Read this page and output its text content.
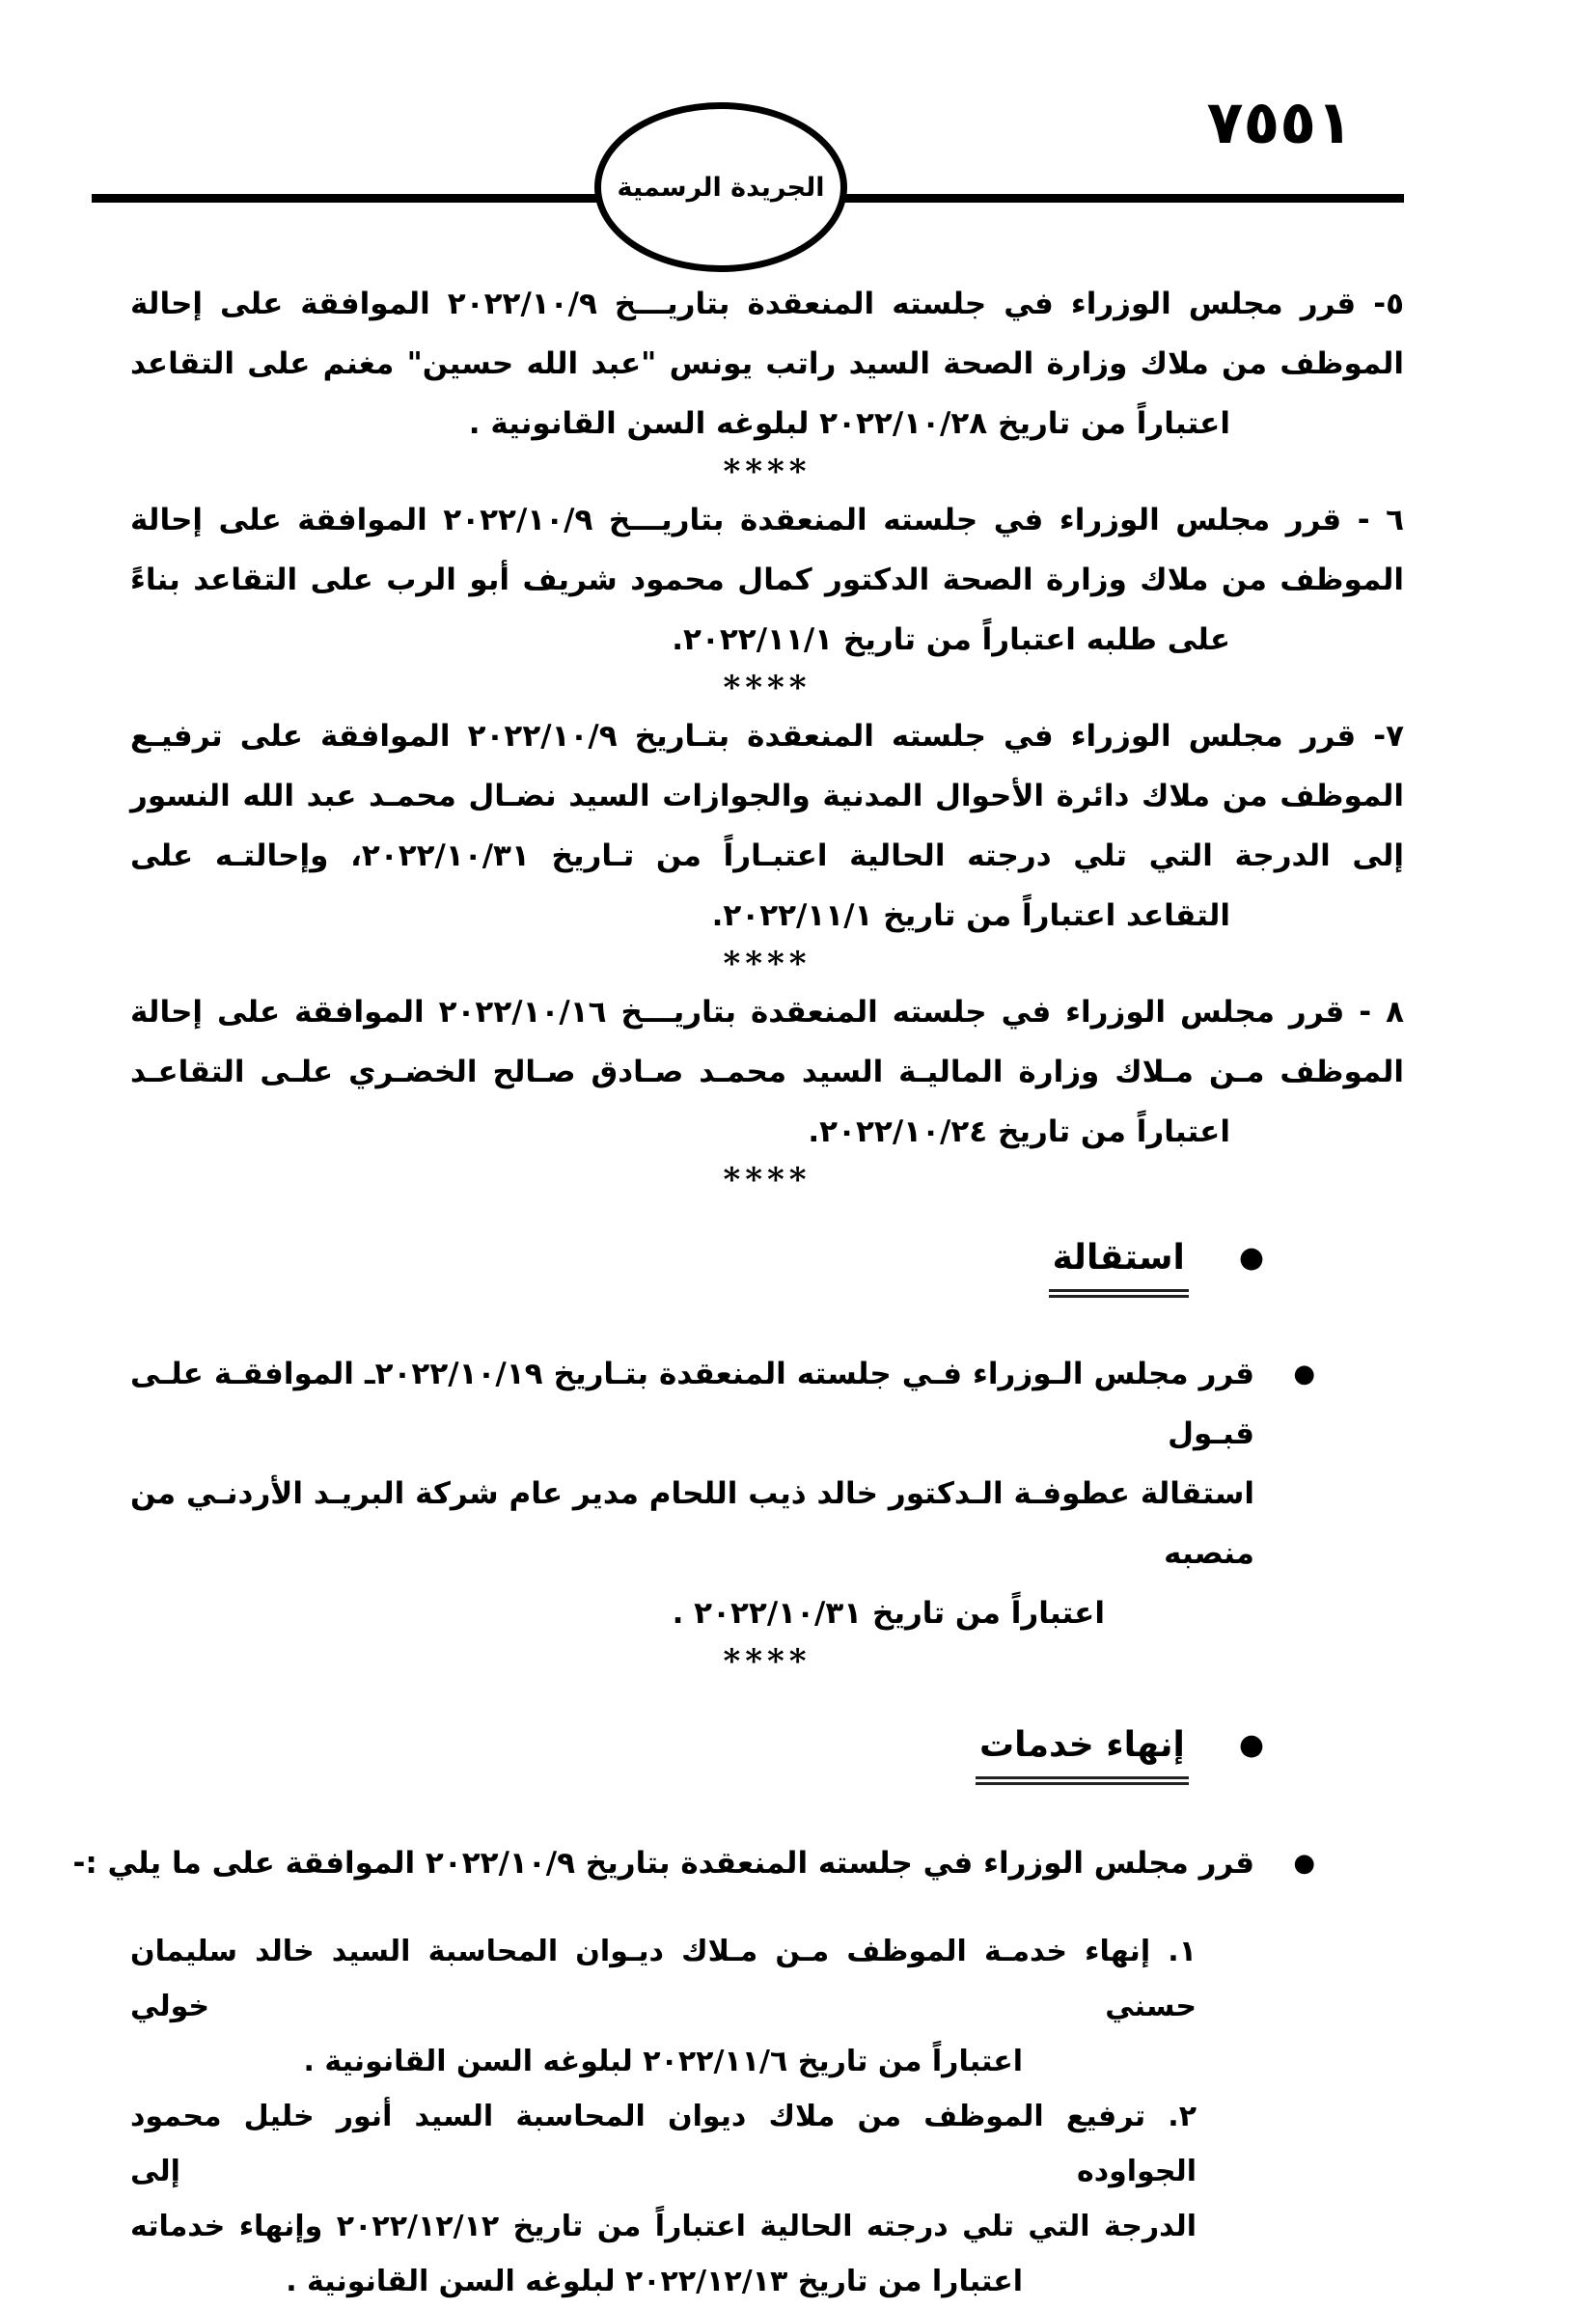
٧٥٥١
الجريدة الرسمية
٥- قرر مجلس الوزراء في جلسته المنعقدة بتاريـــخ ٢٠٢٢/١٠/٩ الموافقة على إحالة
الموظف من ملاك وزارة الصحة السيد راتب يونس "عبد الله حسين" مغنم على التقاعد
اعتباراً من تاريخ ٢٠٢٢/١٠/٢٨ لبلوغه السن القانونية .
****
٦ - قرر مجلس الوزراء في جلسته المنعقدة بتاريـــخ ٢٠٢٢/١٠/٩ الموافقة على إحالة
الموظف من ملاك وزارة الصحة الدكتور كمال محمود شريف أبو الرب على التقاعد بناءً
على طلبه اعتباراً من تاريخ ٢٠٢٢/١١/١.
****
٧- قرر مجلس الوزراء في جلسته المنعقدة بتـاريخ ٢٠٢٢/١٠/٩ الموافقة على ترفيـع
الموظف من ملاك دائرة الأحوال المدنية والجوازات السيد نضـال محمـد عبد الله النسور
إلى الدرجة التي تلي درجته الحالية اعتبـاراً من تـاريخ ٢٠٢٢/١٠/٣١، وإحالتـه على
التقاعد اعتباراً من تاريخ ٢٠٢٢/١١/١.
****
٨ - قرر مجلس الوزراء في جلسته المنعقدة بتاريـــخ ٢٠٢٢/١٠/١٦ الموافقة على إحالة
الموظف مـن مـلاك وزارة الماليـة السيد محمـد صـادق صـالح الخضـري علـى التقاعـد
اعتباراً من تاريخ ٢٠٢٢/١٠/٢٤.
****
●
استقالة
●
قرر مجلس الـوزراء فـي جلسته المنعقدة بتـاريخ ٢٠٢٢/١٠/١٩ـ الموافقـة علـى قبـول
استقالة عطوفـة الـدكتور خالد ذيب اللحام مدير عام شركة البريـد الأردنـي من منصبه
اعتباراً من تاريخ ٢٠٢٢/١٠/٣١ .
****
●
إنهاء خدمات
●
قرر مجلس الوزراء في جلسته المنعقدة بتاريخ ٢٠٢٢/١٠/٩ الموافقة على ما يلي :-
١. إنهاء خدمـة الموظف مـن مـلاك ديـوان المحاسبة السيد خالد سليمان حسني خولي
اعتباراً من تاريخ ٢٠٢٢/١١/٦ لبلوغه السن القانونية .
٢. ترفيع الموظف من ملاك ديوان المحاسبة السيد أنور خليل محمود الجواوده إلى
الدرجة التي تلي درجته الحالية اعتباراً من تاريخ ٢٠٢٢/١٢/١٢ وإنهاء خدماته
اعتبارا من تاريخ ٢٠٢٢/١٢/١٣ لبلوغه السن القانونية .
